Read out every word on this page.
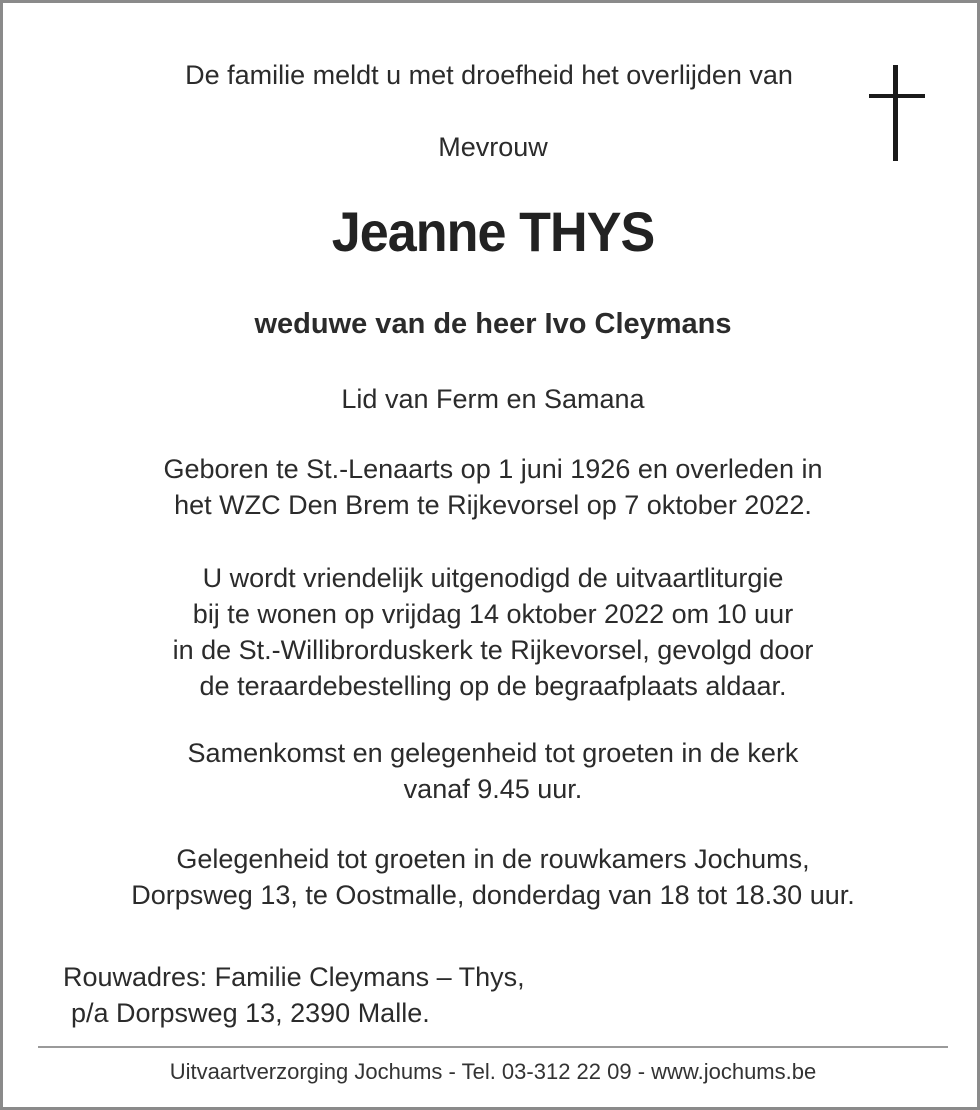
De familie meldt u met droefheid het overlijden van
Mevrouw
Jeanne THYS
weduwe van de heer Ivo Cleymans
Lid van Ferm en Samana
Geboren te St.-Lenaarts op 1 juni 1926 en overleden in
het WZC Den Brem te Rijkevorsel op 7 oktober 2022.
U wordt vriendelijk uitgenodigd de uitvaartliturgie
bij te wonen op vrijdag 14 oktober 2022 om 10 uur
in de St.-Willibrorduskerk te Rijkevorsel, gevolgd door
de teraardebestelling op de begraafplaats aldaar.
Samenkomst en gelegenheid tot groeten in de kerk
vanaf 9.45 uur.
Gelegenheid tot groeten in de rouwkamers Jochums,
Dorpsweg 13, te Oostmalle, donderdag van 18 tot 18.30 uur.
Rouwadres: Familie Cleymans – Thys,
p/a Dorpsweg 13, 2390 Malle.
Uitvaartverzorging Jochums - Tel. 03-312 22 09 - www.jochums.be
